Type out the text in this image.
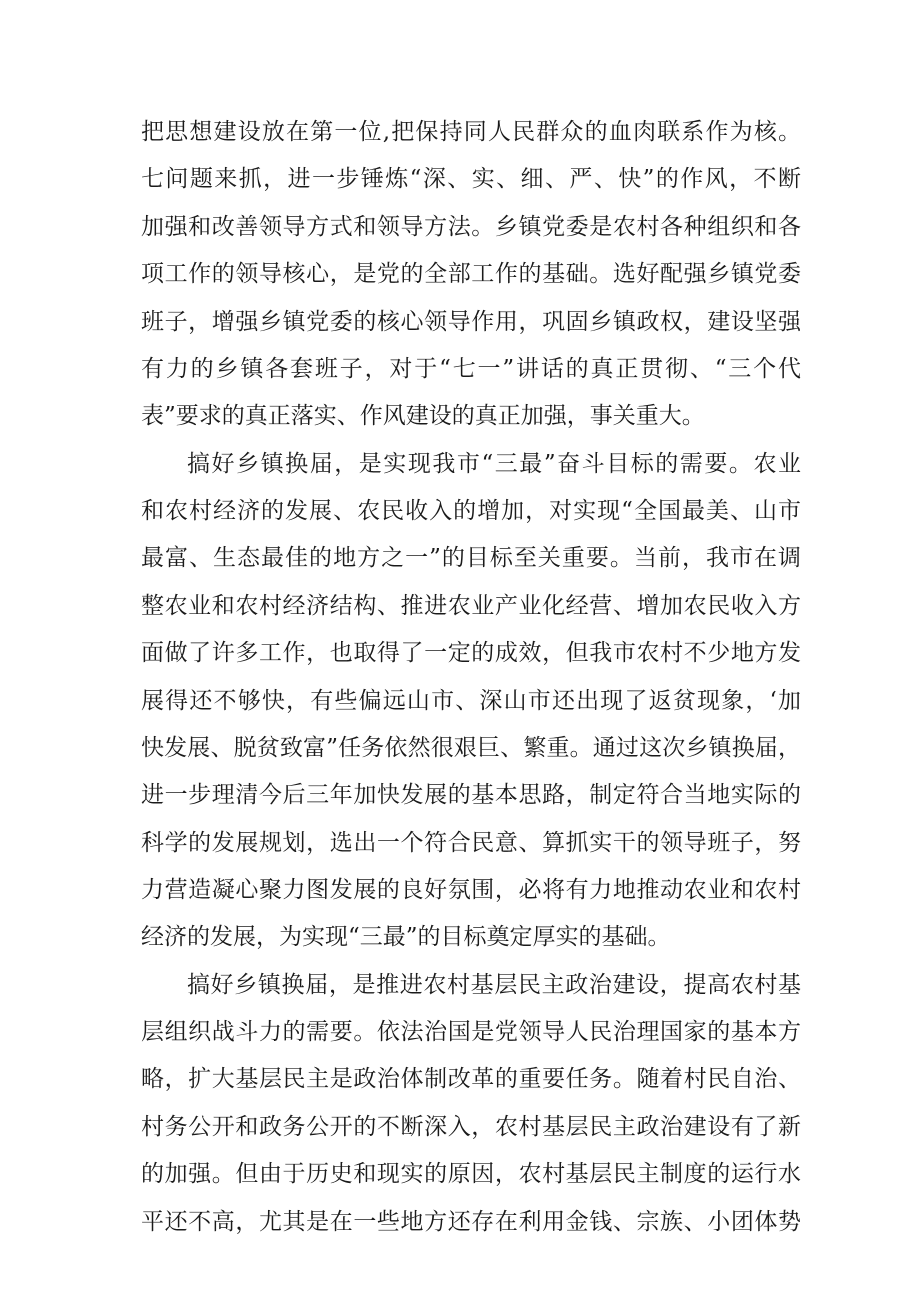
把思想建设放在第一位,把保持同人民群众的血肉联系作为核。
七问题来抓，进一步锤炼“深、实、细、严、快”的作风，不断
加强和改善领导方式和领导方法。乡镇党委是农村各种组织和各
项工作的领导核心，是党的全部工作的基础。选好配强乡镇党委
班子，增强乡镇党委的核心领导作用，巩固乡镇政权，建设坚强
有力的乡镇各套班子，对于“七一”讲话的真正贯彻、“三个代
表”要求的真正落实、作风建设的真正加强，事关重大。
搞好乡镇换届，是实现我市“三最”奋斗目标的需要。农业
和农村经济的发展、农民收入的增加，对实现“全国最美、山市
最富、生态最佳的地方之一”的目标至关重要。当前，我市在调
整农业和农村经济结构、推进农业产业化经营、增加农民收入方
面做了许多工作，也取得了一定的成效，但我市农村不少地方发
展得还不够快，有些偏远山市、深山市还出现了返贫现象，‘加
快发展、脱贫致富”任务依然很艰巨、繁重。通过这次乡镇换届，
进一步理清今后三年加快发展的基本思路，制定符合当地实际的
科学的发展规划，选出一个符合民意、算抓实干的领导班子，努
力营造凝心聚力图发展的良好氛围，必将有力地推动农业和农村
经济的发展，为实现“三最”的目标奠定厚实的基础。
搞好乡镇换届，是推进农村基层民主政治建设，提高农村基
层组织战斗力的需要。依法治国是党领导人民治理国家的基本方
略，扩大基层民主是政治体制改革的重要任务。随着村民自治、
村务公开和政务公开的不断深入，农村基层民主政治建设有了新
的加强。但由于历史和现实的原因，农村基层民主制度的运行水
平还不高，尤其是在一些地方还存在利用金钱、宗族、小团体势
